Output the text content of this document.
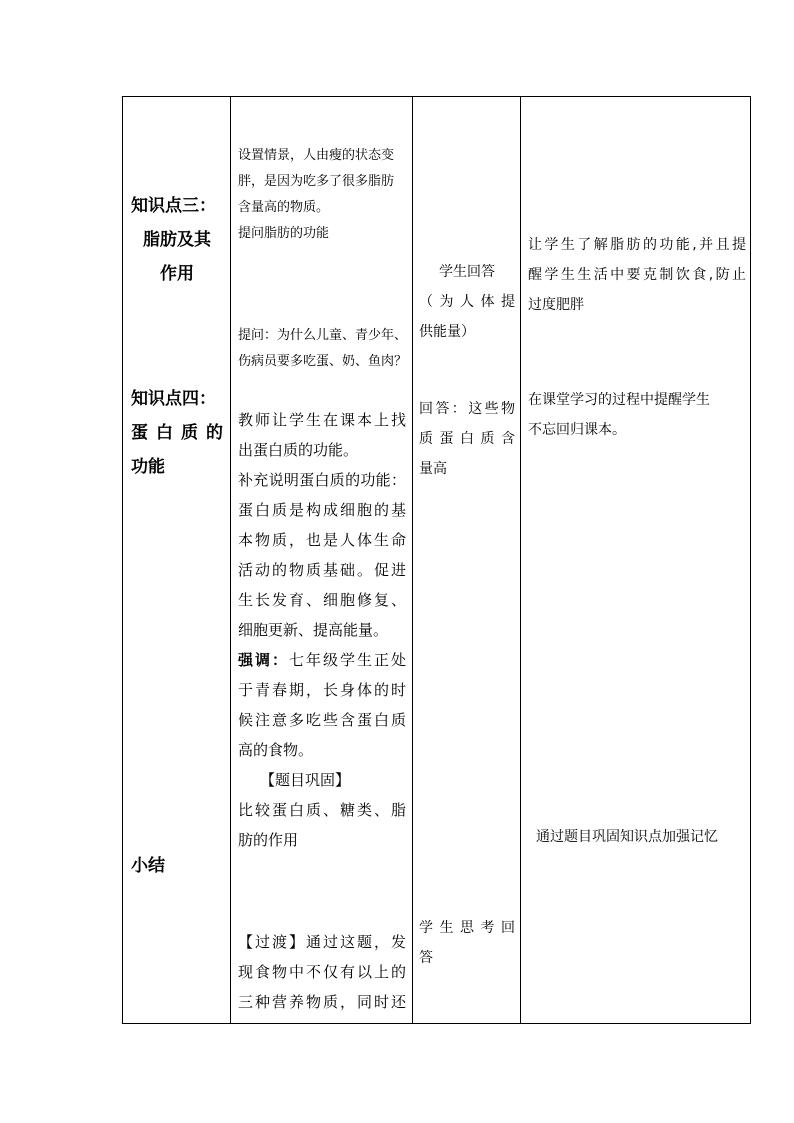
知识点三：
脂肪及其
作用
知识点四：
蛋白质的
功能
小结
设置情景，人由瘦的状态变
胖，是因为吃多了很多脂肪
含量高的物质。
提问脂肪的功能
提问：为什么儿童、青少年、
伤病员要多吃蛋、奶、鱼肉？
教师让学生在课本上找
出蛋白质的功能。
补充说明蛋白质的功能：
蛋白质是构成细胞的基
本物质，也是人体生命
活动的物质基础。促进
生长发育、细胞修复、
细胞更新、提高能量。
强调：七年级学生正处
于青春期，长身体的时
候注意多吃些含蛋白质
高的食物。
【题目巩固】
比较蛋白质、糖类、脂
肪的作用
【过渡】通过这题，发
现食物中不仅有以上的
三种营养物质，同时还
学生回答
（为人体提
供能量）
回答：这些物
质蛋白质含
量高
学生思考回
答
让学生了解脂肪的功能,并且提
醒学生生活中要克制饮食,防止
过度肥胖
在课堂学习的过程中提醒学生
不忘回归课本。
通过题目巩固知识点加强记忆
